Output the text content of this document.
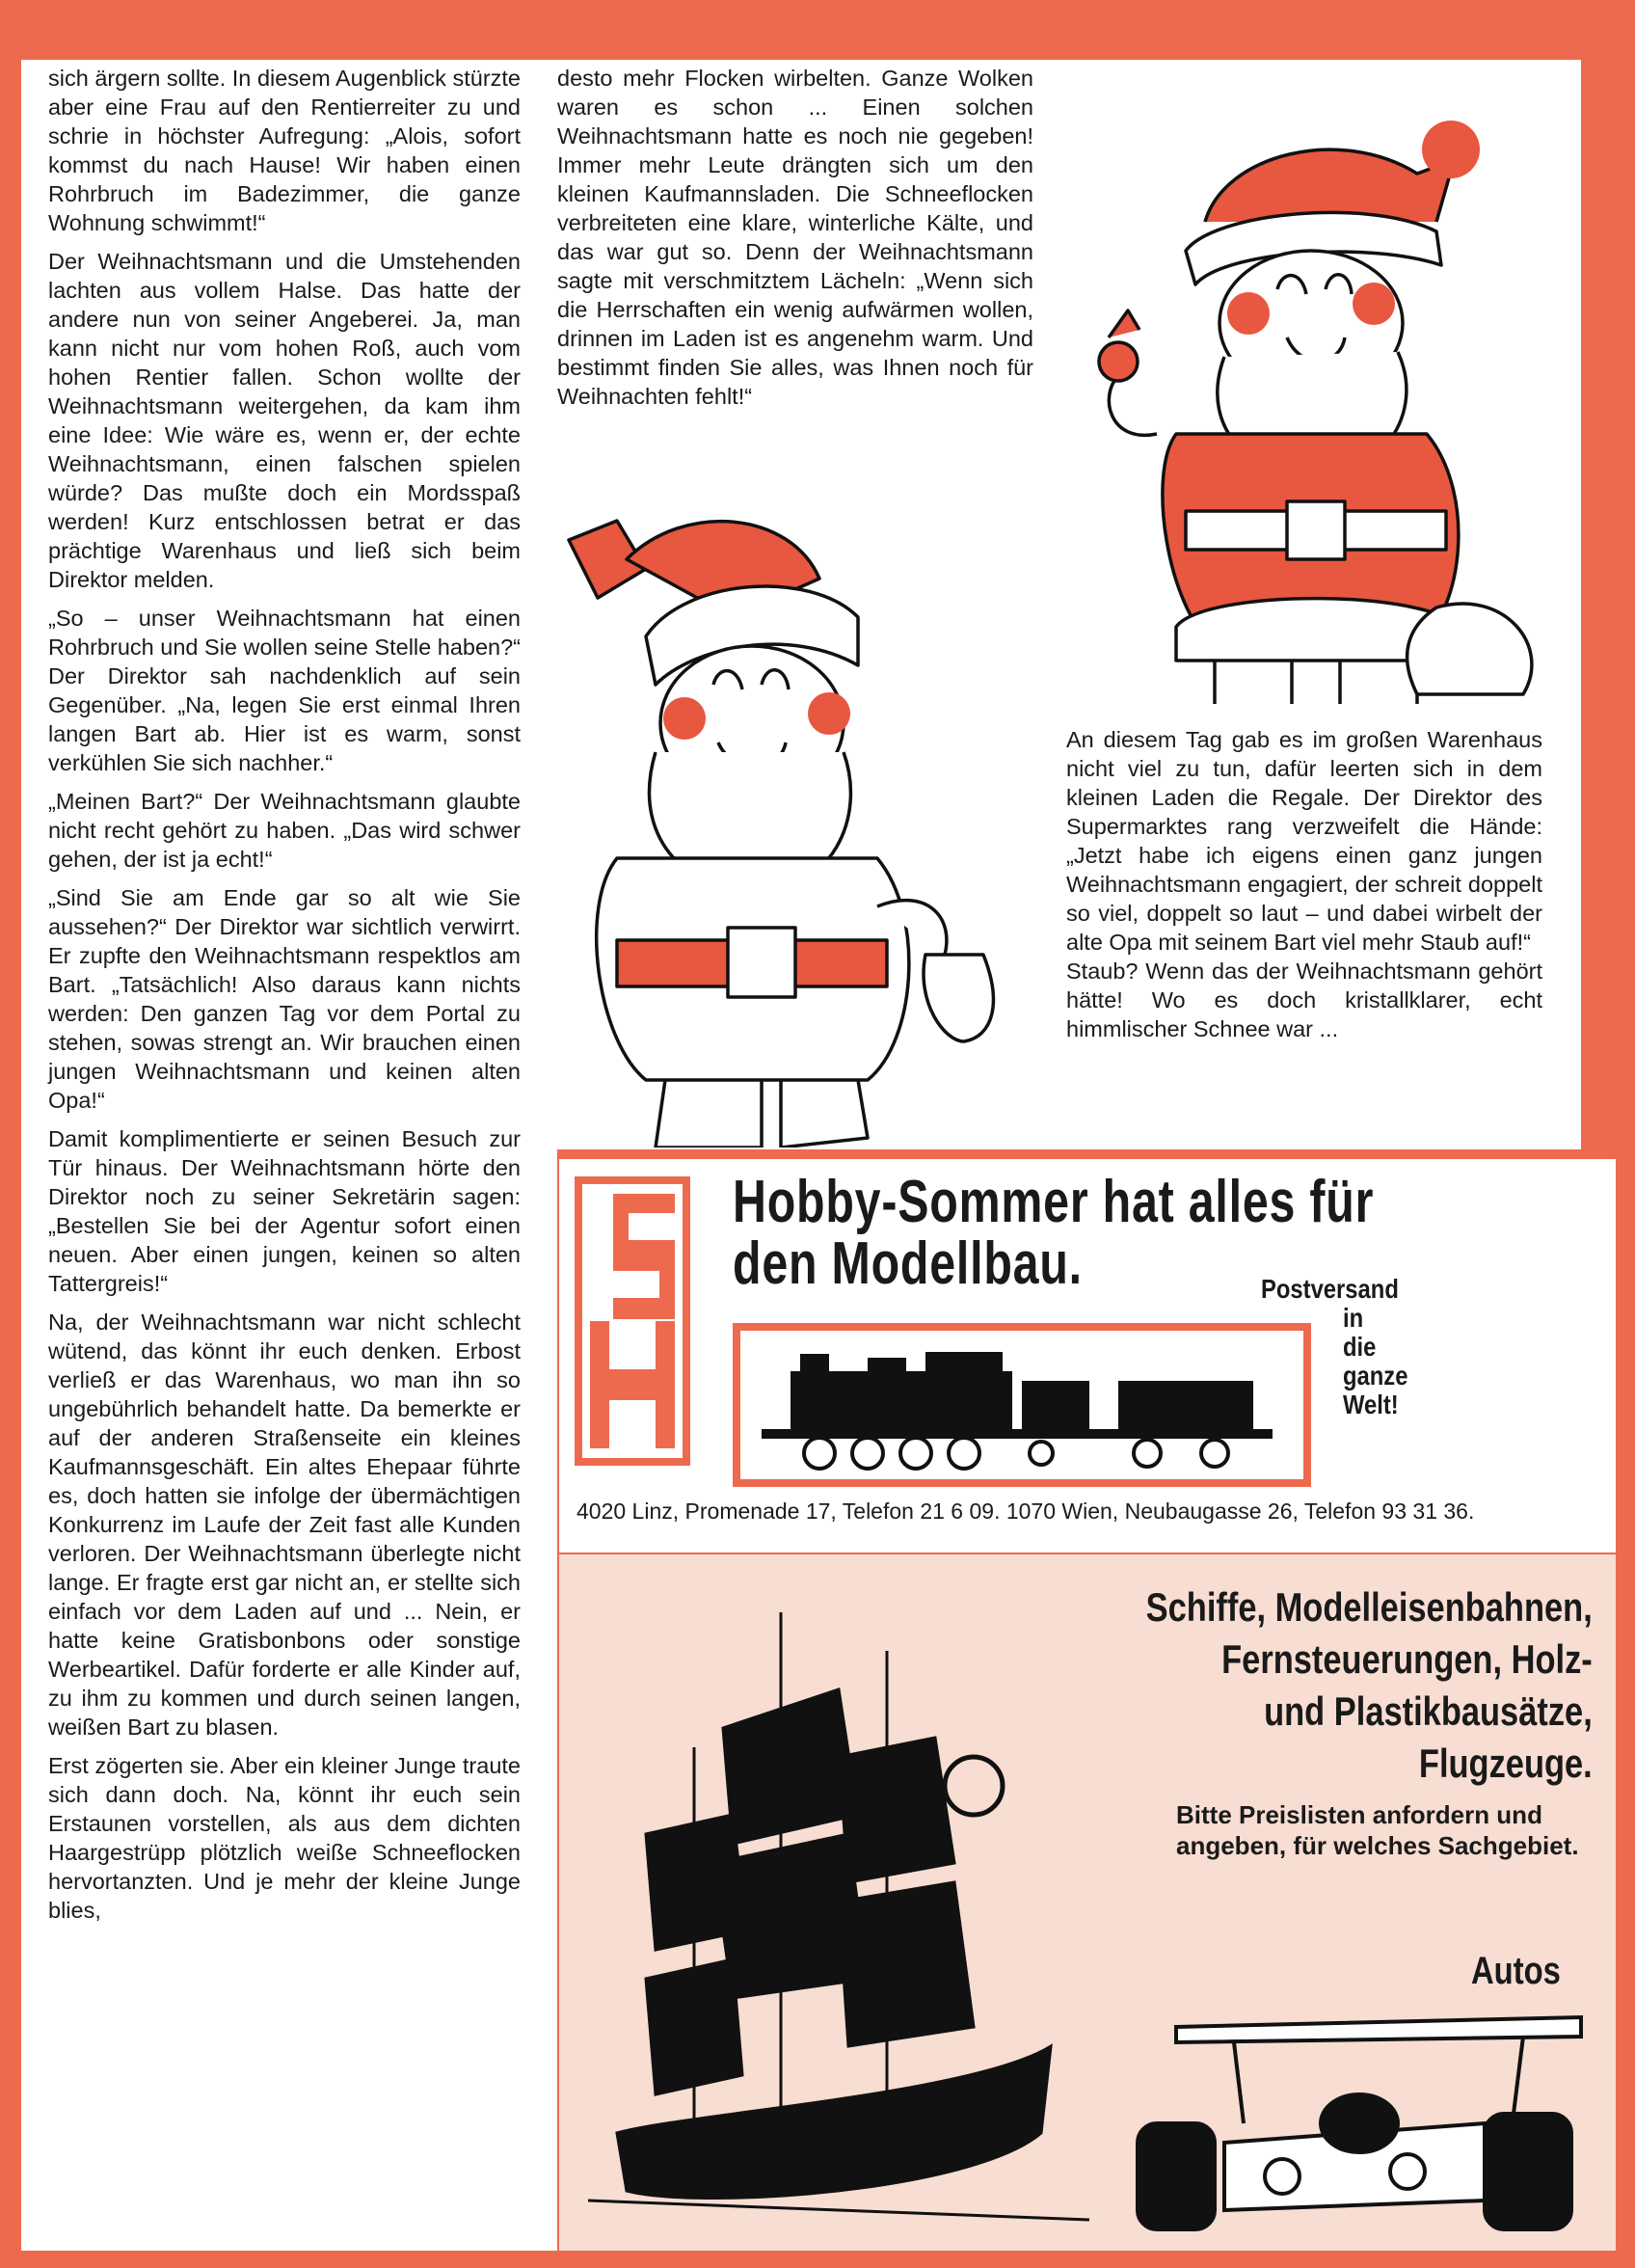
sich ärgern sollte. In diesem Augenblick stürzte aber eine Frau auf den Rentierreiter zu und schrie in höchster Aufregung: „Alois, sofort kommst du nach Hause! Wir haben einen Rohrbruch im Badezimmer, die ganze Wohnung schwimmt!“

Der Weihnachtsmann und die Umstehenden lachten aus vollem Halse. Das hatte der andere nun von seiner Angeberei. Ja, man kann nicht nur vom hohen Roß, auch vom hohen Rentier fallen. Schon wollte der Weihnachtsmann weitergehen, da kam ihm eine Idee: Wie wäre es, wenn er, der echte Weihnachtsmann, einen falschen spielen würde? Das mußte doch ein Mordsspaß werden! Kurz entschlossen betrat er das prächtige Warenhaus und ließ sich beim Direktor melden.

„So – unser Weihnachtsmann hat einen Rohrbruch und Sie wollen seine Stelle haben?“ Der Direktor sah nachdenklich auf sein Gegenüber. „Na, legen Sie erst einmal Ihren langen Bart ab. Hier ist es warm, sonst verkühlen Sie sich nachher.“

„Meinen Bart?“ Der Weihnachtsmann glaubte nicht recht gehört zu haben. „Das wird schwer gehen, der ist ja echt!“

„Sind Sie am Ende gar so alt wie Sie aussehen?“ Der Direktor war sichtlich verwirrt. Er zupfte den Weihnachtsmann respektlos am Bart. „Tatsächlich! Also daraus kann nichts werden: Den ganzen Tag vor dem Portal zu stehen, sowas strengt an. Wir brauchen einen jungen Weihnachtsmann und keinen alten Opa!“

Damit komplimentierte er seinen Besuch zur Tür hinaus. Der Weihnachtsmann hörte den Direktor noch zu seiner Sekretärin sagen: „Bestellen Sie bei der Agentur sofort einen neuen. Aber einen jungen, keinen so alten Tattergreis!“

Na, der Weihnachtsmann war nicht schlecht wütend, das könnt ihr euch denken. Erbost verließ er das Warenhaus, wo man ihn so ungebührlich behandelt hatte. Da bemerkte er auf der anderen Straßenseite ein kleines Kaufmannsgeschäft. Ein altes Ehepaar führte es, doch hatten sie infolge der übermächtigen Konkurrenz im Laufe der Zeit fast alle Kunden verloren. Der Weihnachtsmann überlegte nicht lange. Er fragte erst gar nicht an, er stellte sich einfach vor dem Laden auf und ... Nein, er hatte keine Gratisbonbons oder sonstige Werbeartikel. Dafür forderte er alle Kinder auf, zu ihm zu kommen und durch seinen langen, weißen Bart zu blasen.

Erst zögerten sie. Aber ein kleiner Junge traute sich dann doch. Na, könnt ihr euch sein Erstaunen vorstellen, als aus dem dichten Haargestrüpp plötzlich weiße Schneeflocken hervortanzten. Und je mehr der kleine Junge blies,

desto mehr Flocken wirbelten. Ganze Wolken waren es schon ... Einen solchen Weihnachtsmann hatte es noch nie gegeben! Immer mehr Leute drängten sich um den kleinen Kaufmannsladen. Die Schneeflocken verbreiteten eine klare, winterliche Kälte, und das war gut so. Denn der Weihnachtsmann sagte mit verschmitztem Lächeln: „Wenn sich die Herrschaften ein wenig aufwärmen wollen, drinnen im Laden ist es angenehm warm. Und bestimmt finden Sie alles, was Ihnen noch für Weihnachten fehlt!“

An diesem Tag gab es im großen Warenhaus nicht viel zu tun, dafür leerten sich in dem kleinen Laden die Regale. Der Direktor des Supermarktes rang verzweifelt die Hände: „Jetzt habe ich eigens einen ganz jungen Weihnachtsmann engagiert, der schreit doppelt so viel, doppelt so laut – und dabei wirbelt der alte Opa mit seinem Bart viel mehr Staub auf!“

Staub? Wenn das der Weihnachtsmann gehört hätte! Wo es doch kristallklarer, echt himmlischer Schnee war ...

Hobby-Sommer hat alles für
den Modellbau.	Postversand
in
die
ganze
Welt!
4020 Linz, Promenade 17, Telefon 21 6 09. 1070 Wien, Neubaugasse 26, Telefon 93 31 36.
Schiffe, Modelleisenbahnen,
Fernsteuerungen, Holz-
und Plastikbausätze,
Flugzeuge.
Bitte Preislisten anfordern und
angeben, für welches Sachgebiet.
Autos
